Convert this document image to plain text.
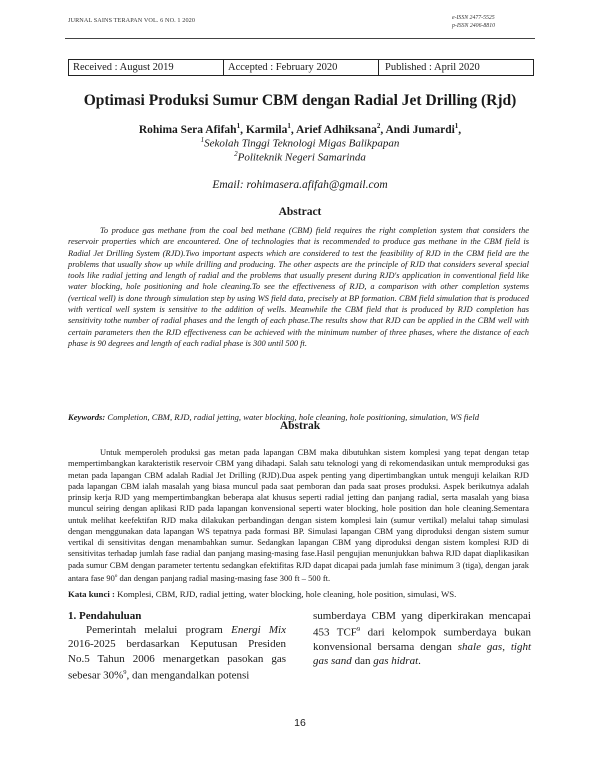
JURNAL SAINS TERAPAN VOL. 6 NO. 1 2020	e-ISSN 2477-5525
p-ISSN 2406-8810
Received : August 2019	Accepted : February 2020	Published : April 2020
Optimasi Produksi Sumur CBM dengan Radial Jet Drilling (Rjd)
Rohima Sera Afifah$^1$, Karmila$^1$, Arief Adhiksana$^2$, Andi Jumardi$^1$,
$^1$Sekolah Tinggi Teknologi Migas Balikpapan
$^2$Politeknik Negeri Samarinda
Email: rohimasera.afifah@gmail.com
Abstract
To produce gas methane from the coal bed methane (CBM) field requires the right completion system that considers the reservoir properties which are encountered. One of technologies that is recommended to produce gas methane in the CBM field is Radial Jet Drilling System (RJD).Two important aspects which are considered to test the feasibility of RJD in the CBM field are the problems that usually show up while drilling and producing. The other aspects are the principle of RJD that considers several special tools like radial jetting and length of radial and the problems that usually present during RJD's application in conventional field like water blocking, hole positioning and hole cleaning.To see the effectiveness of RJD, a comparison with other completion systems (vertical well) is done through simulation step by using WS field data, precisely at BP formation. CBM field simulation that is produced with vertical well system is sensitive to the addition of wells. Meanwhile the CBM field that is produced by RJD completion has sensitivity tothe number of radial phases and the length of each phase.The results show that RJD can be applied in the CBM well with certain parameters then the RJD effectiveness can be achieved with the minimum number of three phases, where the distance of each phase is 90 degrees and length of each radial phase is 300 until 500 ft.
Keywords: Completion, CBM, RJD, radial jetting, water blocking, hole cleaning, hole positioning, simulation, WS field
Abstrak
Untuk memperoleh produksi gas metan pada lapangan CBM maka dibutuhkan sistem komplesi yang tepat dengan tetap mempertimbangkan karakteristik reservoir CBM yang dihadapi. Salah satu teknologi yang di rekomendasikan untuk memproduksi gas metan pada lapangan CBM adalah Radial Jet Drilling (RJD).Dua aspek penting yang dipertimbangkan untuk menguji kelaikan RJD pada lapangan CBM ialah masalah yang biasa muncul pada saat pemboran dan pada saat proses produksi. Aspek berikutnya adalah prinsip kerja RJD yang mempertimbangkan beberapa alat khusus seperti radial jetting dan panjang radial, serta masalah yang biasa muncul seiring dengan aplikasi RJD pada lapangan konvensional seperti water blocking, hole position dan hole cleaning.Sementara untuk melihat keefektifan RJD maka dilakukan perbandingan dengan sistem komplesi lain (sumur vertikal) melalui tahap simulasi dengan menggunakan data lapangan WS tepatnya pada formasi BP. Simulasi lapangan CBM yang diproduksi dengan sistem sumur vertikal di sensitivitas dengan menambahkan sumur. Sedangkan lapangan CBM yang diproduksi dengan sistem komplesi RJD di sensitivitas terhadap jumlah fase radial dan panjang masing-masing fase.Hasil pengujian menunjukkan bahwa RJD dapat diaplikasikan pada sumur CBM dengan parameter tertentu sedangkan efektifitas RJD dapat dicapai pada jumlah fase minimum 3 (tiga), dengan jarak antara fase 90$^o$ dan dengan panjang radial masing-masing fase 300 ft – 500 ft.
Kata kunci : Komplesi, CBM, RJD, radial jetting, water blocking, hole cleaning, hole position, simulasi, WS.
1. Pendahuluan

Pemerintah melalui program Energi Mix 2016-2025 berdasarkan Keputusan Presiden No.5 Tahun 2006 menargetkan pasokan gas sebesar 30%$^9$, dan mengandalkan potensi

sumberdaya CBM yang diperkirakan mencapai 453 TCF$^9$ dari kelompok sumberdaya bukan konvensional bersama dengan shale gas, tight gas sand dan gas hidrat.

16
